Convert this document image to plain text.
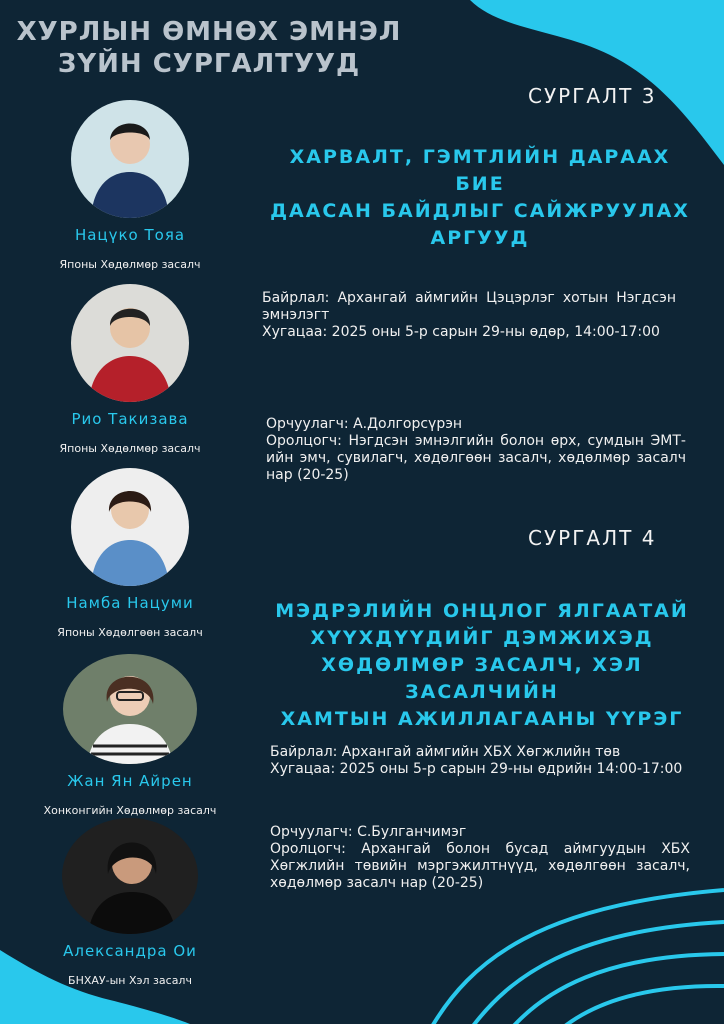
ХУРЛЫН ӨМНӨХ ЭМНЭЛ
ЗҮЙН СУРГАЛТУУД
Нацүко Тояа
Японы Хөдөлмөр засалч
Рио Такизава
Японы Хөдөлмөр засалч
Намба Нацуми
Японы Хөдөлгөөн засалч
Жан Ян Айрен
Хонконгийн Хөдөлмөр засалч
Александра Ои
БНХАУ-ын Хэл засалч
СУРГАЛТ 3
ХАРВАЛТ, ГЭМТЛИЙН ДАРААХ БИЕ
ДААСАН БАЙДЛЫГ САЙЖРУУЛАХ
АРГУУД

Байрлал: Архангай аймгийн Цэцэрлэг хотын Нэгдсэн эмнэлэгт

Хугацаа: 2025 оны 5-р сарын 29-ны өдөр, 14:00-17:00

Орчуулагч: А.Долгорсүрэн

Оролцогч: Нэгдсэн эмнэлгийн болон өрх, сумдын ЭМТ-ийн эмч, сувилагч, хөдөлгөөн засалч, хөдөлмөр засалч нар (20-25)

СУРГАЛТ 4
МЭДРЭЛИЙН ОНЦЛОГ ЯЛГААТАЙ
ХҮҮХДҮҮДИЙГ ДЭМЖИХЭД
ХӨДӨЛМӨР ЗАСАЛЧ, ХЭЛ ЗАСАЛЧИЙН
ХАМТЫН АЖИЛЛАГААНЫ ҮҮРЭГ

Байрлал: Архангай аймгийн ХБХ Хөгжлийн төв

Хугацаа: 2025 оны 5-р сарын 29-ны өдрийн 14:00-17:00

Орчуулагч: С.Булганчимэг

Оролцогч: Архангай болон бусад аймгуудын ХБХ Хөгжлийн төвийн мэргэжилтнүүд, хөдөлгөөн засалч, хөдөлмөр засалч нар (20-25)
